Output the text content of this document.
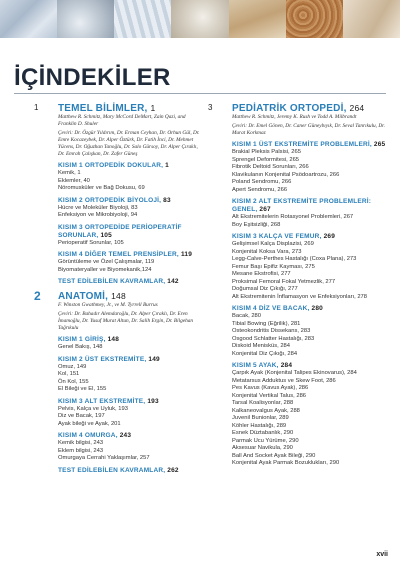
İÇİNDEKİLER
1 TEMEL BİLİMLER, 1
Matthew R. Schmitz, Mary McCord DeMart, Zain Qazi, and Franklin D. Shuler
Çeviri: Dr. Özgür Yıldırım, Dr. Erman Ceyhan, Dr. Orhun Gül, Dr. Emre Kocazeybek, Dr. Alper Öztürk, Dr. Fatih İnci, Dr. Mehmet Yücens, Dr. Oğuzhan Tanoğlu, Dr. Salo Gürsoy, Dr. Alper Çıraklı, Dr. Emrah Çalışkan, Dr. Zafer Güneş
KISIM 1 ORTOPEDİK DOKULAR, 1
Kemik, 1
Eklemler, 40
Nöromusküler ve Bağ Dokusu, 69
KISIM 2 ORTOPEDİK BİYOLOJİ, 83
Hücre ve Moleküler Biyoloji, 83
Enfeksiyon ve Mikrobiyoloji, 94
KISIM 3 ORTOPEDİDE PERİOPERATİF SORUNLAR, 105
Perioperatif Sorunlar, 105
KISIM 4 DİĞER TEMEL PRENSİPLER, 119
Görüntüleme ve Özel Çalışmalar, 119
Biyomateryaller ve Biyomekanik,124
TEST EDİLEBİLEN KAVRAMLAR, 142
2 ANATOMİ, 148
F. Winston Gwathmey, Jr., ve M. Tyrrell Burrus
Çeviri: Dr. Bahadır Alemdaroğlu, Dr. Alper Çıraklı, Dr. Eren İmamoğlu, Dr. Yusuf Murat Altun, Dr. Salih Ergin, Dr. Bilgehan Tağrıkulu
KISIM 1 GİRİŞ, 148
Genel Bakış, 148
KISIM 2 ÜST EKSTREMİTE, 149
Omuz, 149
Kol, 151
Ön Kol, 155
El Bileği ve El, 155
KISIM 3 ALT EKSTREMİTE, 193
Pelvis, Kalça ve Uyluk, 193
Diz ve Bacak, 197
Ayak bileği ve Ayak, 201
KISIM 4 OMURGA, 243
Kemik bilgisi, 243
Eklem bilgisi, 243
Omurgaya Cerrahi Yaklaşımlar, 257
TEST EDİLEBİLEN KAVRAMLAR, 262
3 PEDİATRİK ORTOPEDİ, 264
Matthew R. Schmitz, Jeremy K. Rush ve Todd A. Milbrandt
Çeviri: Dr. Emel Gönen, Dr. Caner Güneybıyık, Dr. Seval Tanrıkulu, Dr. Murat Korkmaz
KISIM 1 ÜST EKSTREMİTE PROBLEMLERİ, 265
Brakial Pleksis Palsisi, 265
Sprengel Deformitesi, 265
Fibrotik Deltoid Sorunları, 266
Klavikulanın Konjenital Psödoartrozu, 266
Poland Sendromu, 266
Apert Sendromu, 266
KISIM 2 ALT EKSTREMİTE PROBLEMLERİ: GENEL, 267
Alt Ekstremitelerin Rotasyonel Problemleri, 267
Boy Eşitsizliği, 268
KISIM 3 KALÇA VE FEMUR, 269
Gelişimsel Kalça Displazisi, 269
Konjenital Koksa Vara, 273
Legg-Calve-Perthes Hastalığı (Coxa Plana), 273
Femur Başı Epifiz Kayması, 275
Mesane Ekstrofisi, 277
Proksimal Femoral Fokal Yetmezlik, 277
Doğumsal Diz Çıkığı, 277
Alt Ekstremitenin İnflamasyon ve Enfeksiyonları, 278
KISIM 4 DİZ VE BACAK, 280
Bacak, 280
Tibial Bowing (Eğrilik), 281
Osteokondritis Dissekans, 283
Osgood Schlatter Hastalığı, 283
Diskoid Menisküs, 284
Konjenital Diz Çıkığı, 284
KISIM 5 AYAK, 284
Çarpık Ayak (Konjenital Talipes Ekinovarus), 284
Metatarsus Adduktus ve Skew Foot, 286
Pes Kavus (Kavus Ayak), 286
Konjenital Vertikal Talus, 286
Tarsal Koalisyonlar, 288
Kalkaneovalgus Ayak, 288
Juvenil Bunionlar, 289
Köhler Hastalığı, 289
Esnek Düztabanlık, 290
Parmak Ucu Yürüme, 290
Aksesuar Navikula, 290
Ball And Socket Ayak Bileği, 290
Konjenital Ayak Parmak Bozuklukları, 290
xvii
